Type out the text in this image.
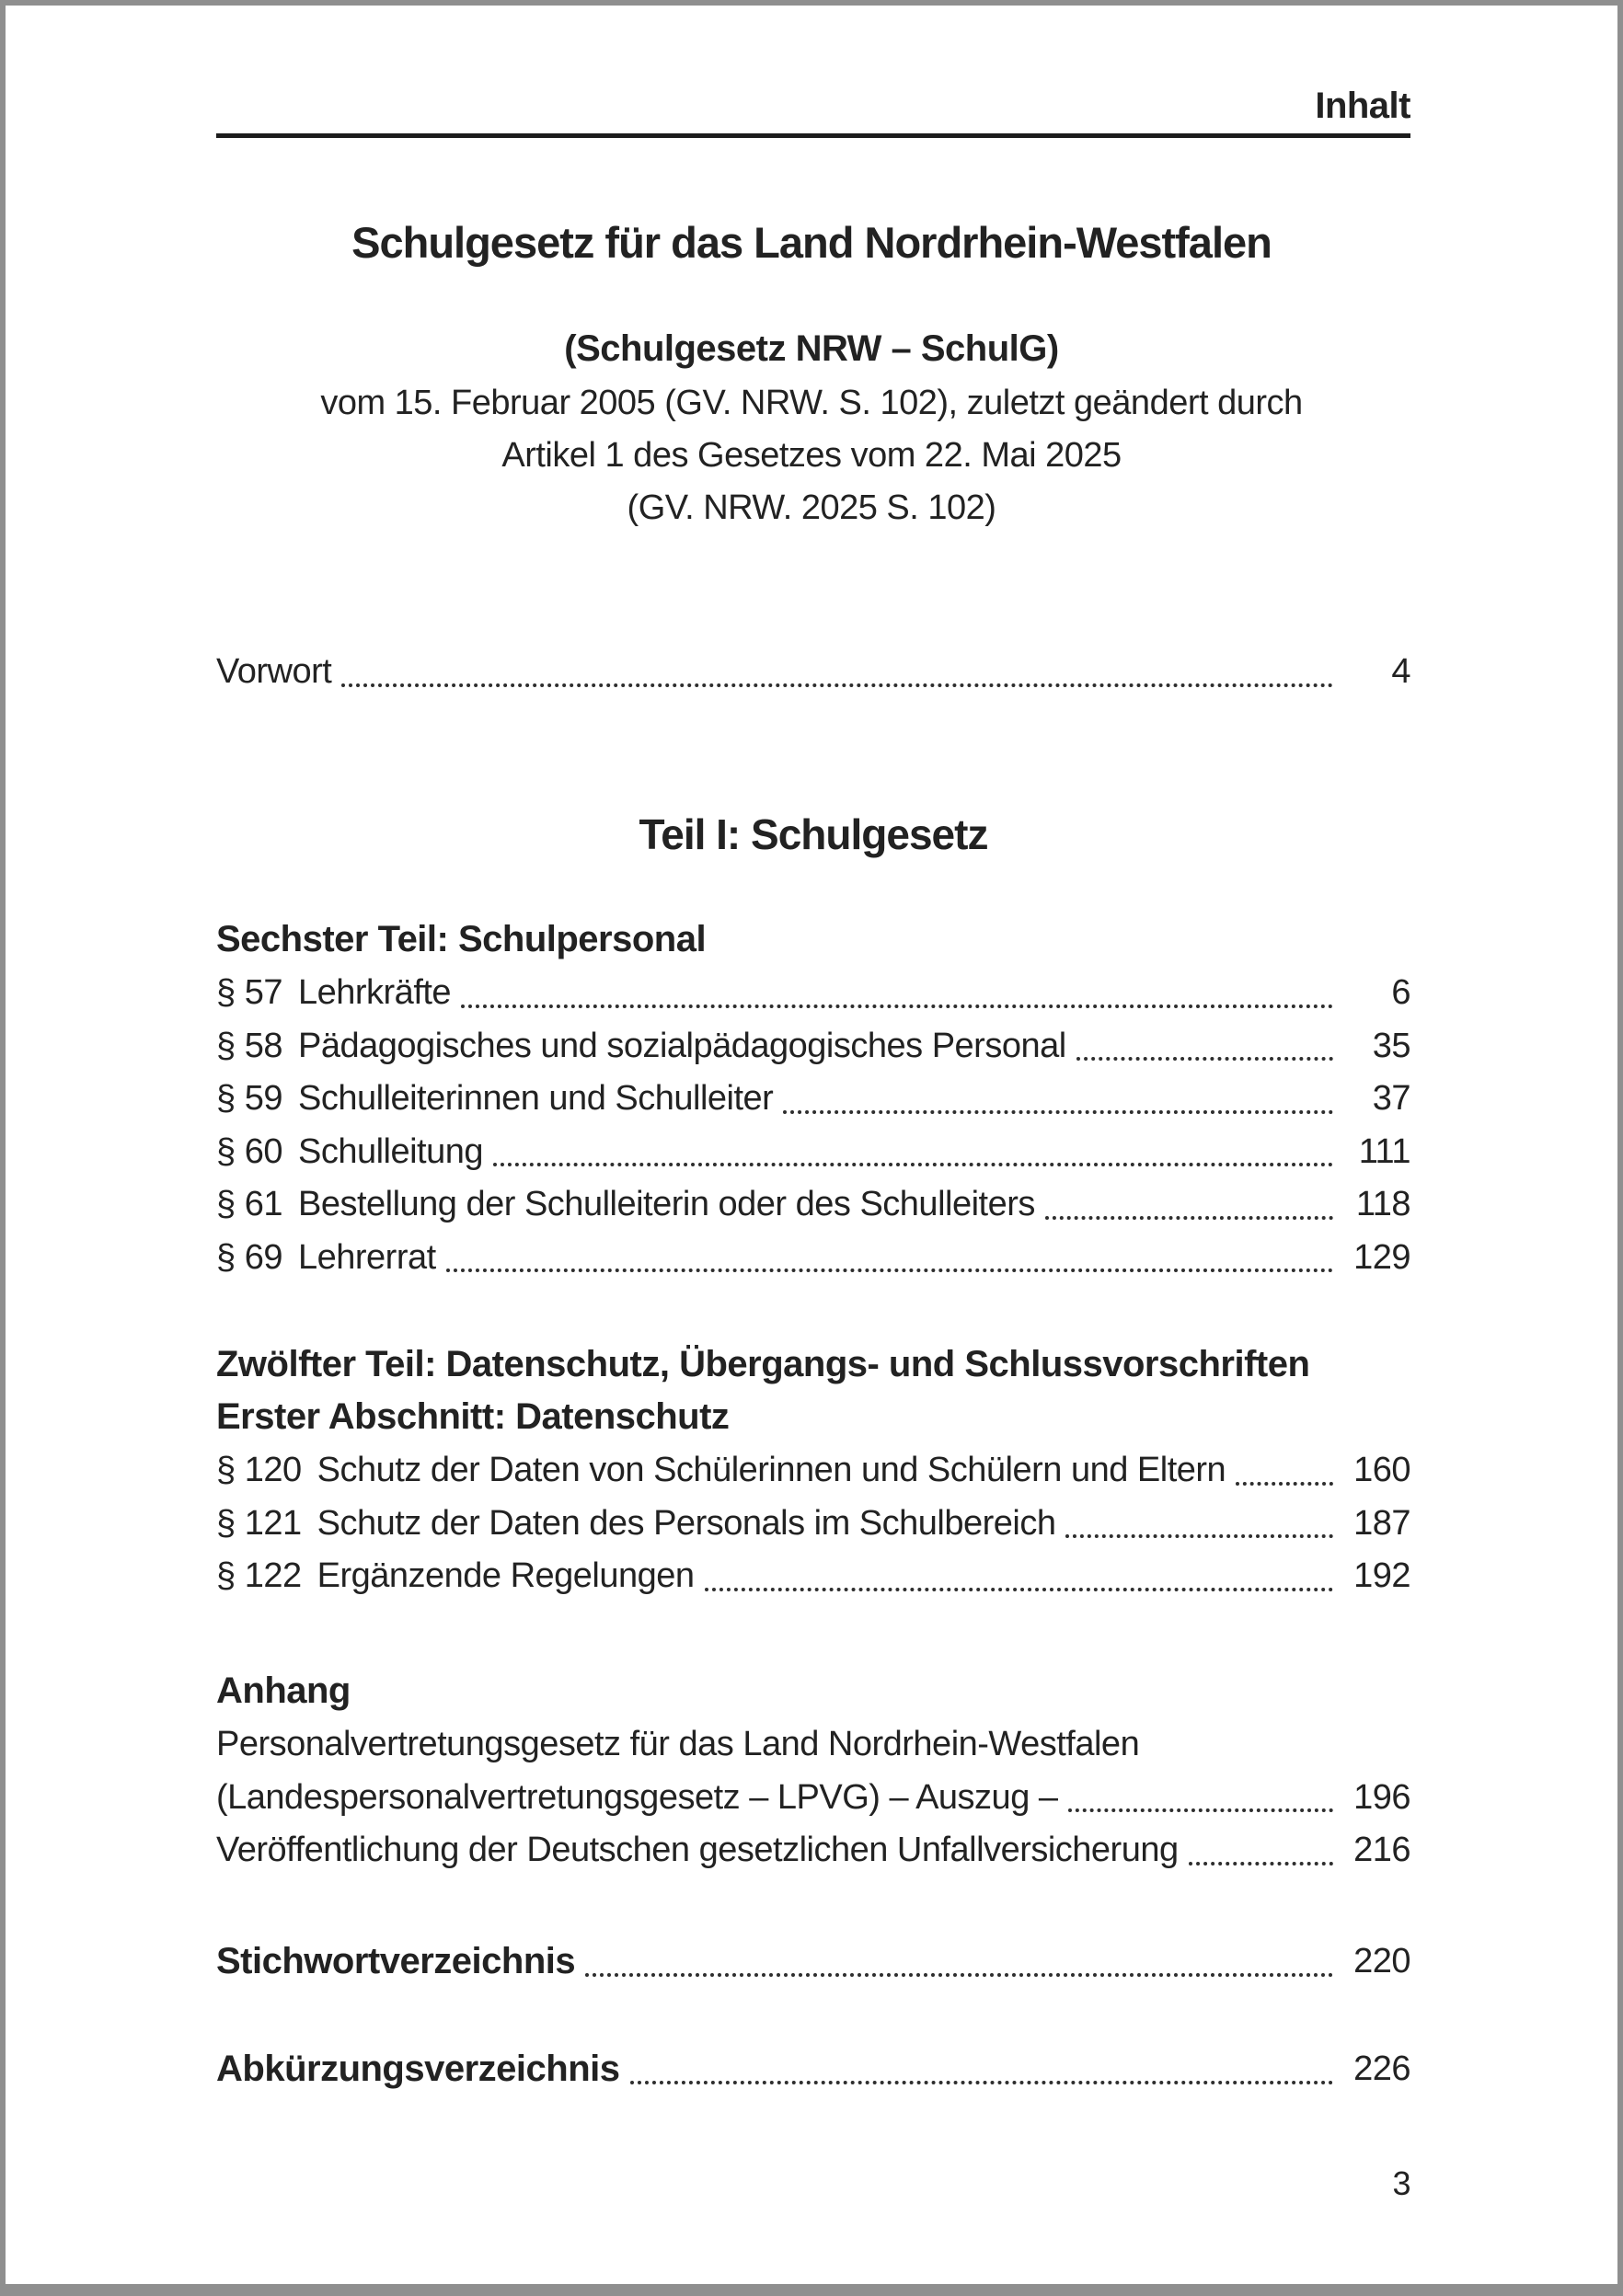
Inhalt
Schulgesetz für das Land Nordrhein-Westfalen
(Schulgesetz NRW – SchulG)
vom 15. Februar 2005 (GV. NRW. S. 102), zuletzt geändert durch
Artikel 1 des Gesetzes vom 22. Mai 2025
(GV. NRW. 2025 S. 102)
Vorwort	4
Teil I: Schulgesetz
Sechster Teil: Schulpersonal
§ 57 Lehrkräfte	6
§ 58 Pädagogisches und sozialpädagogisches Personal	35
§ 59 Schulleiterinnen und Schulleiter	37
§ 60 Schulleitung	111
§ 61 Bestellung der Schulleiterin oder des Schulleiters	118
§ 69 Lehrerrat	129
Zwölfter Teil: Datenschutz, Übergangs- und Schlussvorschriften
Erster Abschnitt: Datenschutz
§ 120 Schutz der Daten von Schülerinnen und Schülern und Eltern	160
§ 121 Schutz der Daten des Personals im Schulbereich	187
§ 122 Ergänzende Regelungen	192
Anhang
Personalvertretungsgesetz für das Land Nordrhein-Westfalen
(Landespersonalvertretungsgesetz – LPVG) – Auszug –	196
Veröffentlichung der Deutschen gesetzlichen Unfallversicherung	216
Stichwortverzeichnis	220
Abkürzungsverzeichnis	226
3
